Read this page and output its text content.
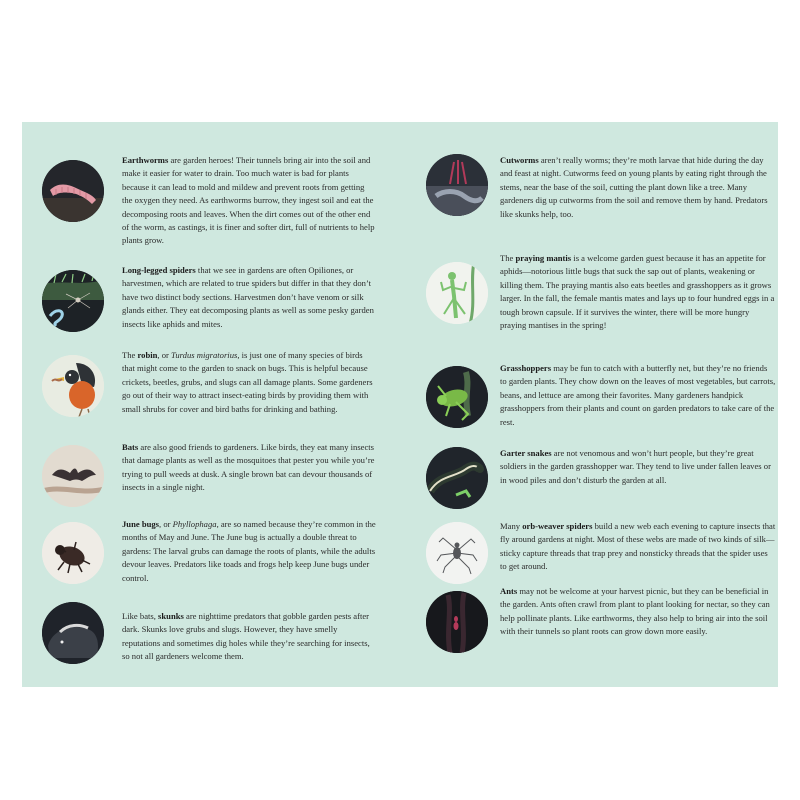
Earthworms are garden heroes! Their tunnels bring air into the soil and make it easier for water to drain. Too much water is bad for plants because it can lead to mold and mildew and prevent roots from getting the oxygen they need. As earthworms burrow, they ingest soil and eat the decomposing roots and leaves. When the dirt comes out of the other end of the worm, as castings, it is finer and softer dirt, full of nutrients to help plants grow.
Long-legged spiders that we see in gardens are often Opiliones, or harvestmen, which are related to true spiders but differ in that they don’t have two distinct body sections. Harvestmen don’t have venom or silk glands either. They eat decomposing plants as well as some pesky garden insects like aphids and mites.
The robin, or Turdus migratorius, is just one of many species of birds that might come to the garden to snack on bugs. This is helpful because crickets, beetles, grubs, and slugs can all damage plants. Some gardeners go out of their way to attract insect-eating birds by providing them with small shrubs for cover and bird baths for drinking and bathing.
Bats are also good friends to gardeners. Like birds, they eat many insects that damage plants as well as the mosquitoes that pester you while you’re trying to pull weeds at dusk. A single brown bat can devour thousands of insects in a single night.
June bugs, or Phyllophaga, are so named because they’re common in the months of May and June. The June bug is actually a double threat to gardens: The larval grubs can damage the roots of plants, while the adults devour leaves. Predators like toads and frogs help keep June bugs under control.
Like bats, skunks are nighttime predators that gobble garden pests after dark. Skunks love grubs and slugs. However, they have smelly reputations and sometimes dig holes while they’re searching for insects, so not all gardeners welcome them.
Cutworms aren’t really worms; they’re moth larvae that hide during the day and feast at night. Cutworms feed on young plants by eating right through the stems, near the base of the soil, cutting the plant down like a tree. Many gardeners dig up cutworms from the soil and remove them by hand. Predators like skunks help, too.
The praying mantis is a welcome garden guest because it has an appetite for aphids—notorious little bugs that suck the sap out of plants, weakening or killing them. The praying mantis also eats beetles and grasshoppers as it grows larger. In the fall, the female mantis mates and lays up to four hundred eggs in a tough brown capsule. If it survives the winter, there will be more hungry praying mantises in the spring!
Grasshoppers may be fun to catch with a butterfly net, but they’re no friends to garden plants. They chow down on the leaves of most vegetables, but carrots, beans, and lettuce are among their favorites. Many gardeners handpick grasshoppers from their plants and count on garden predators to take care of the rest.
Garter snakes are not venomous and won’t hurt people, but they’re great soldiers in the garden grasshopper war. They tend to live under fallen leaves or in wood piles and don’t disturb the garden at all.
Many orb-weaver spiders build a new web each evening to capture insects that fly around gardens at night. Most of these webs are made of two kinds of silk—sticky capture threads that trap prey and nonsticky threads that the spider uses to get around.
Ants may not be welcome at your harvest picnic, but they can be beneficial in the garden. Ants often crawl from plant to plant looking for nectar, so they can help pollinate plants. Like earthworms, they also help to bring air into the soil with their tunnels so plant roots can grow down more easily.
